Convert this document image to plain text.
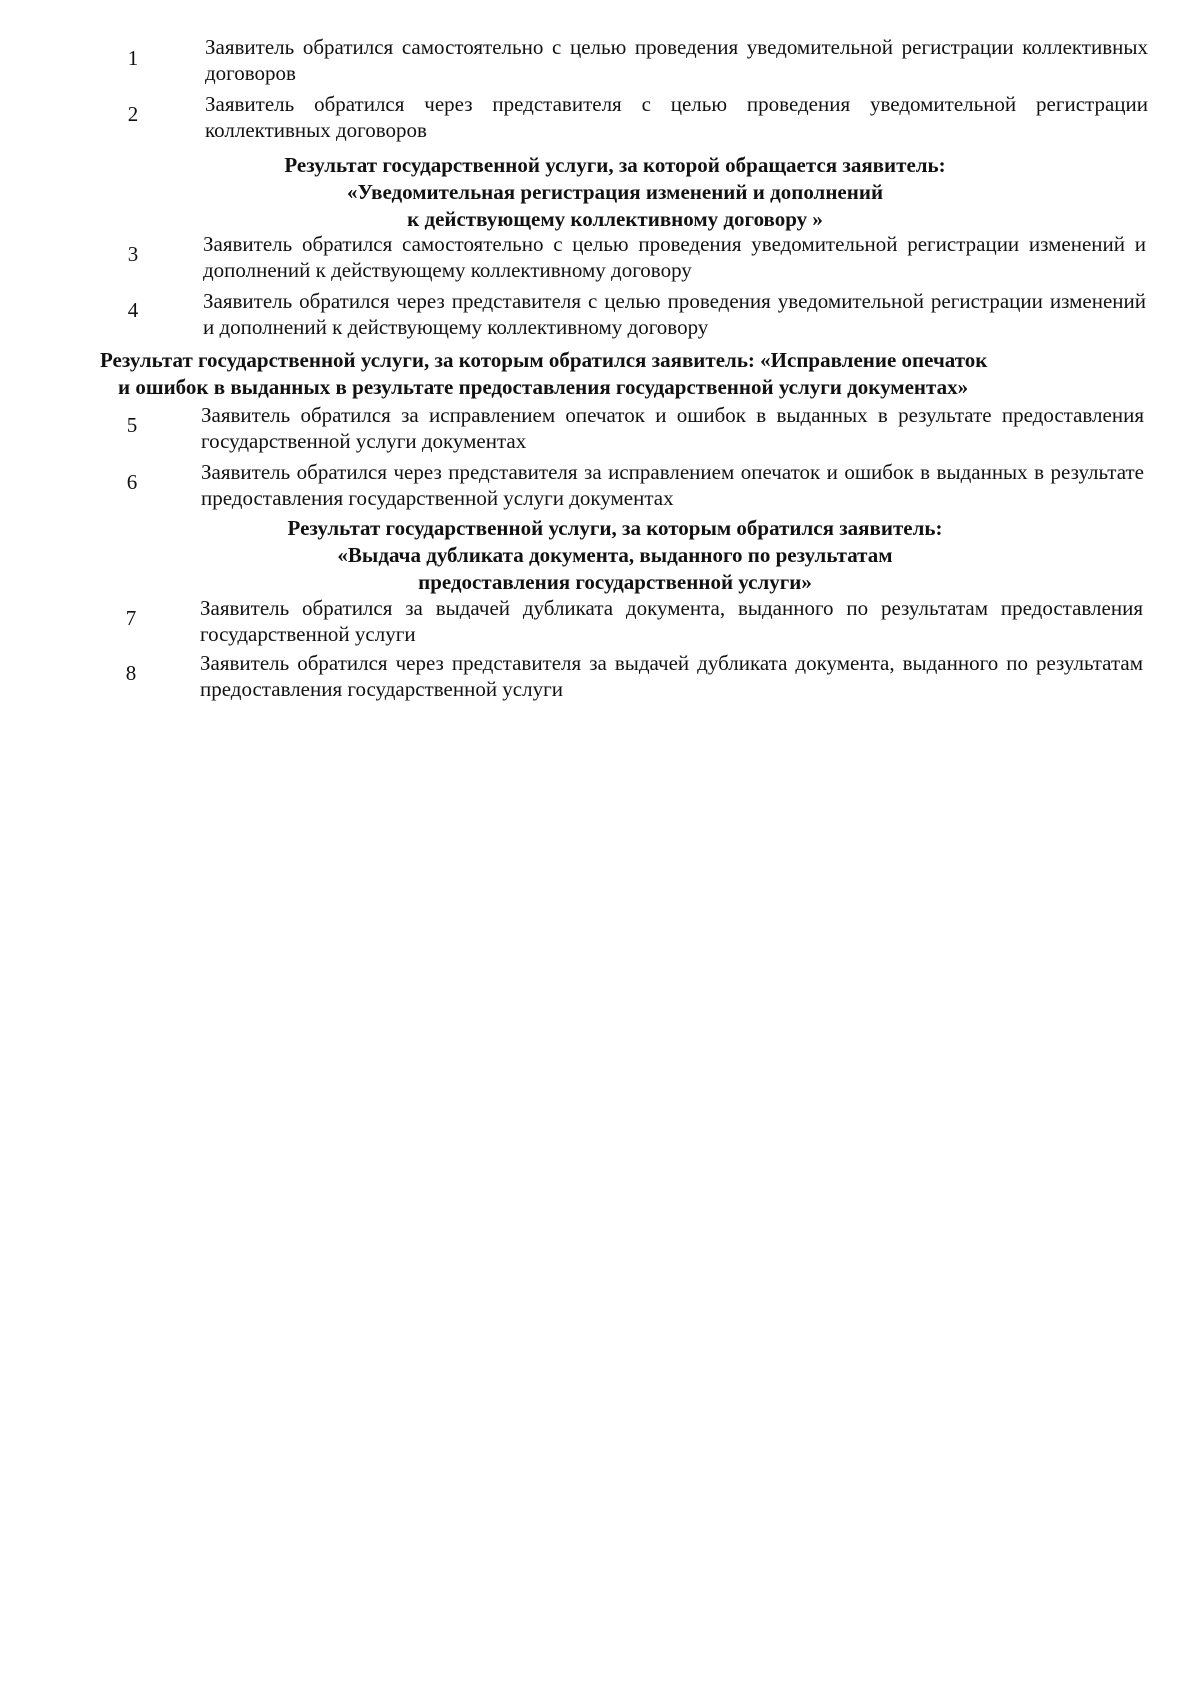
1	Заявитель обратился самостоятельно с целью проведения уведомительной регистрации коллективных договоров
2	Заявитель обратился через представителя с целью проведения уведомительной регистрации коллективных договоров
Результат государственной услуги, за которой обращается заявитель:
«Уведомительная регистрация изменений и дополнений
к действующему коллективному договору »
3	Заявитель обратился самостоятельно с целью проведения уведомительной регистрации изменений и дополнений к действующему коллективному договору
4	Заявитель обратился через представителя с целью проведения уведомительной регистрации изменений и дополнений к действующему коллективному договору
Результат государственной услуги, за которым обратился заявитель: «Исправление опечаток
и ошибок в выданных в результате предоставления государственной услуги документах»
5	Заявитель обратился за исправлением опечаток и ошибок в выданных в результате предоставления государственной услуги документах
6	Заявитель обратился через представителя за исправлением опечаток и ошибок в выданных в результате предоставления государственной услуги документах
Результат государственной услуги, за которым обратился заявитель:
«Выдача дубликата документа, выданного по результатам
предоставления государственной услуги»
7	Заявитель обратился за выдачей дубликата документа, выданного по результатам предоставления государственной услуги
8	Заявитель обратился через представителя за выдачей дубликата документа, выданного по результатам предоставления государственной услуги
